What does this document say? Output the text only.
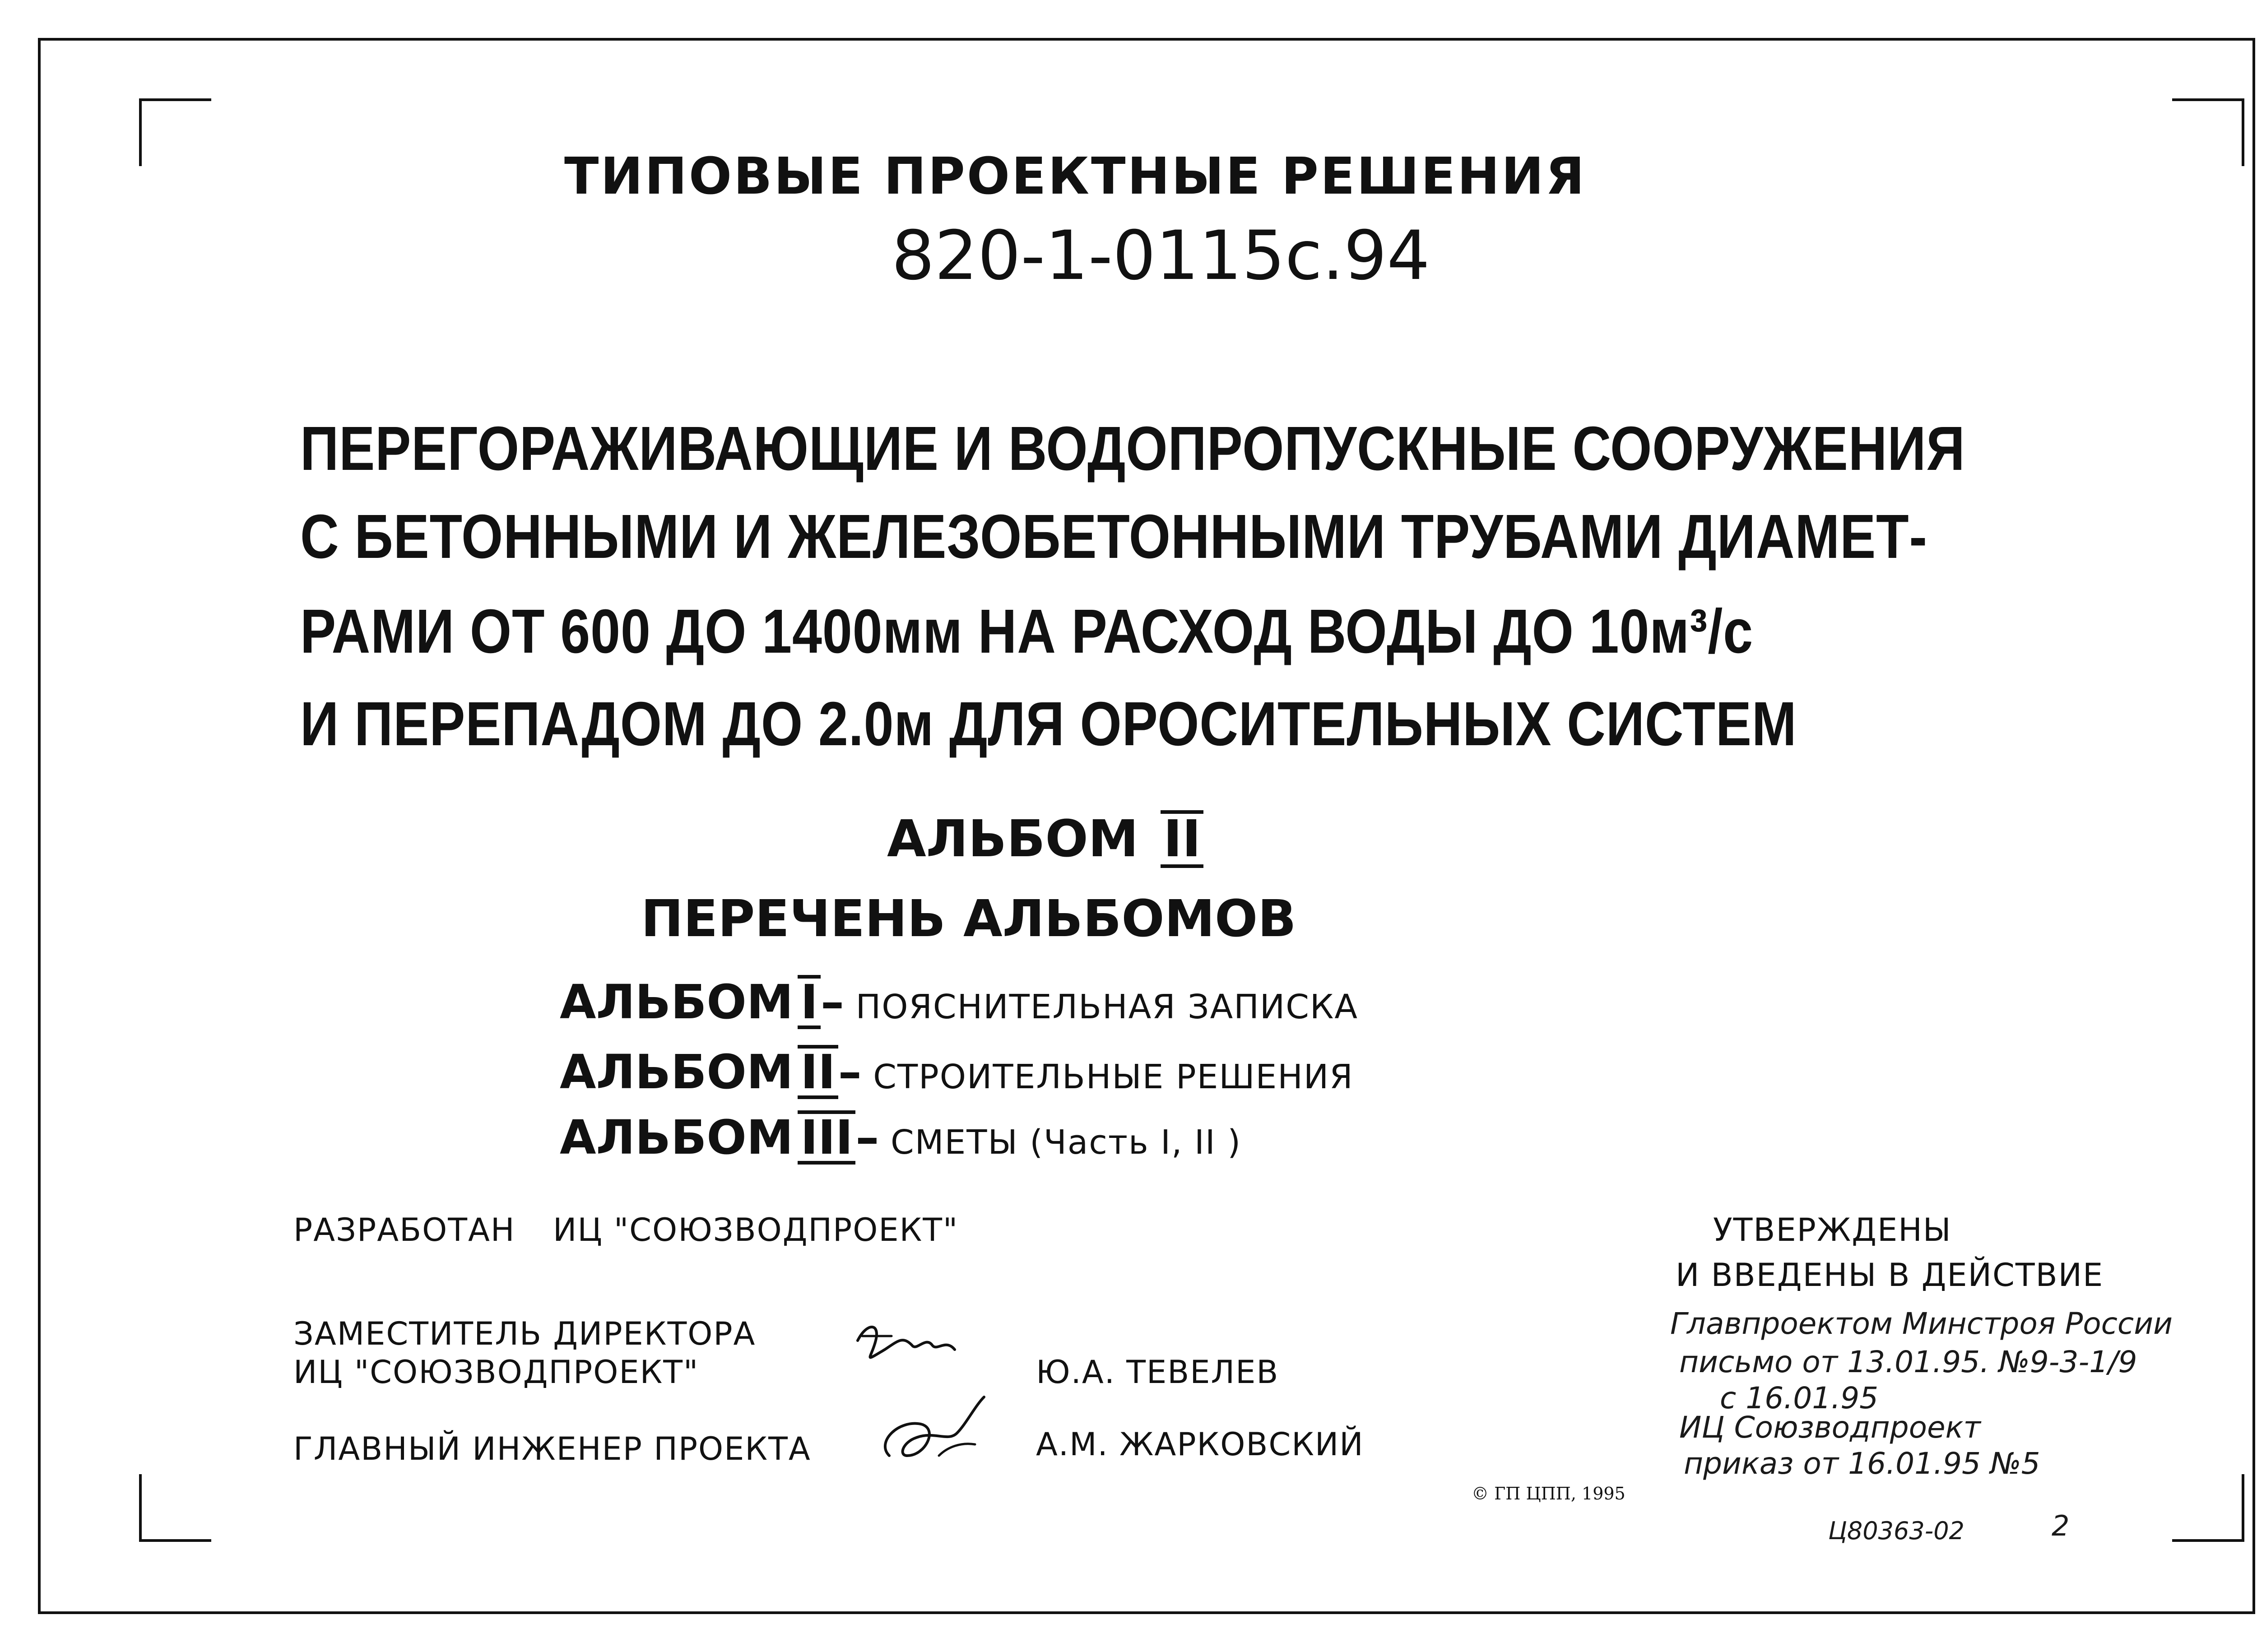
ТИПОВЫЕ ПРОЕКТНЫЕ РЕШЕНИЯ
820-1-0115с.94
ПЕРЕГОРАЖИВАЮЩИЕ И ВОДОПРОПУСКНЫЕ СООРУЖЕНИЯ
С БЕТОННЫМИ И ЖЕЛЕЗОБЕТОННЫМИ ТРУБАМИ ДИАМЕТ-
РАМИ ОТ 600 ДО 1400мм НА РАСХОД ВОДЫ ДО 10м³/с
И ПЕРЕПАДОМ ДО 2.0м ДЛЯ ОРОСИТЕЛЬНЫХ СИСТЕМ
АЛЬБОМ II
ПЕРЕЧЕНЬ АЛЬБОМОВ
АЛЬБОМ I– ПОЯСНИТЕЛЬНАЯ ЗАПИСКА
АЛЬБОМ II– СТРОИТЕЛЬНЫЕ РЕШЕНИЯ
АЛЬБОМ III– СМЕТЫ (Часть I, II )
РАЗРАБОТАН ИЦ "СОЮЗВОДПРОЕКТ"	УТВЕРЖДЕНЫ
И ВВЕДЕНЫ В ДЕЙСТВИЕ
ЗАМЕСТИТЕЛЬ ДИРЕКТОРА
ИЦ "СОЮЗВОДПРОЕКТ"	Ю.А. ТЕВЕЛЕВ
ГЛАВНЫЙ ИНЖЕНЕР ПРОЕКТА	А.М. ЖАРКОВСКИЙ
Главпроектом Минстроя России
письмо от 13.01.95. №9-3-1/9
с 16.01.95
ИЦ Союзводпроект
приказ от 16.01.95 №5
© ГП ЦПП, 1995
Ц80363-02	2
